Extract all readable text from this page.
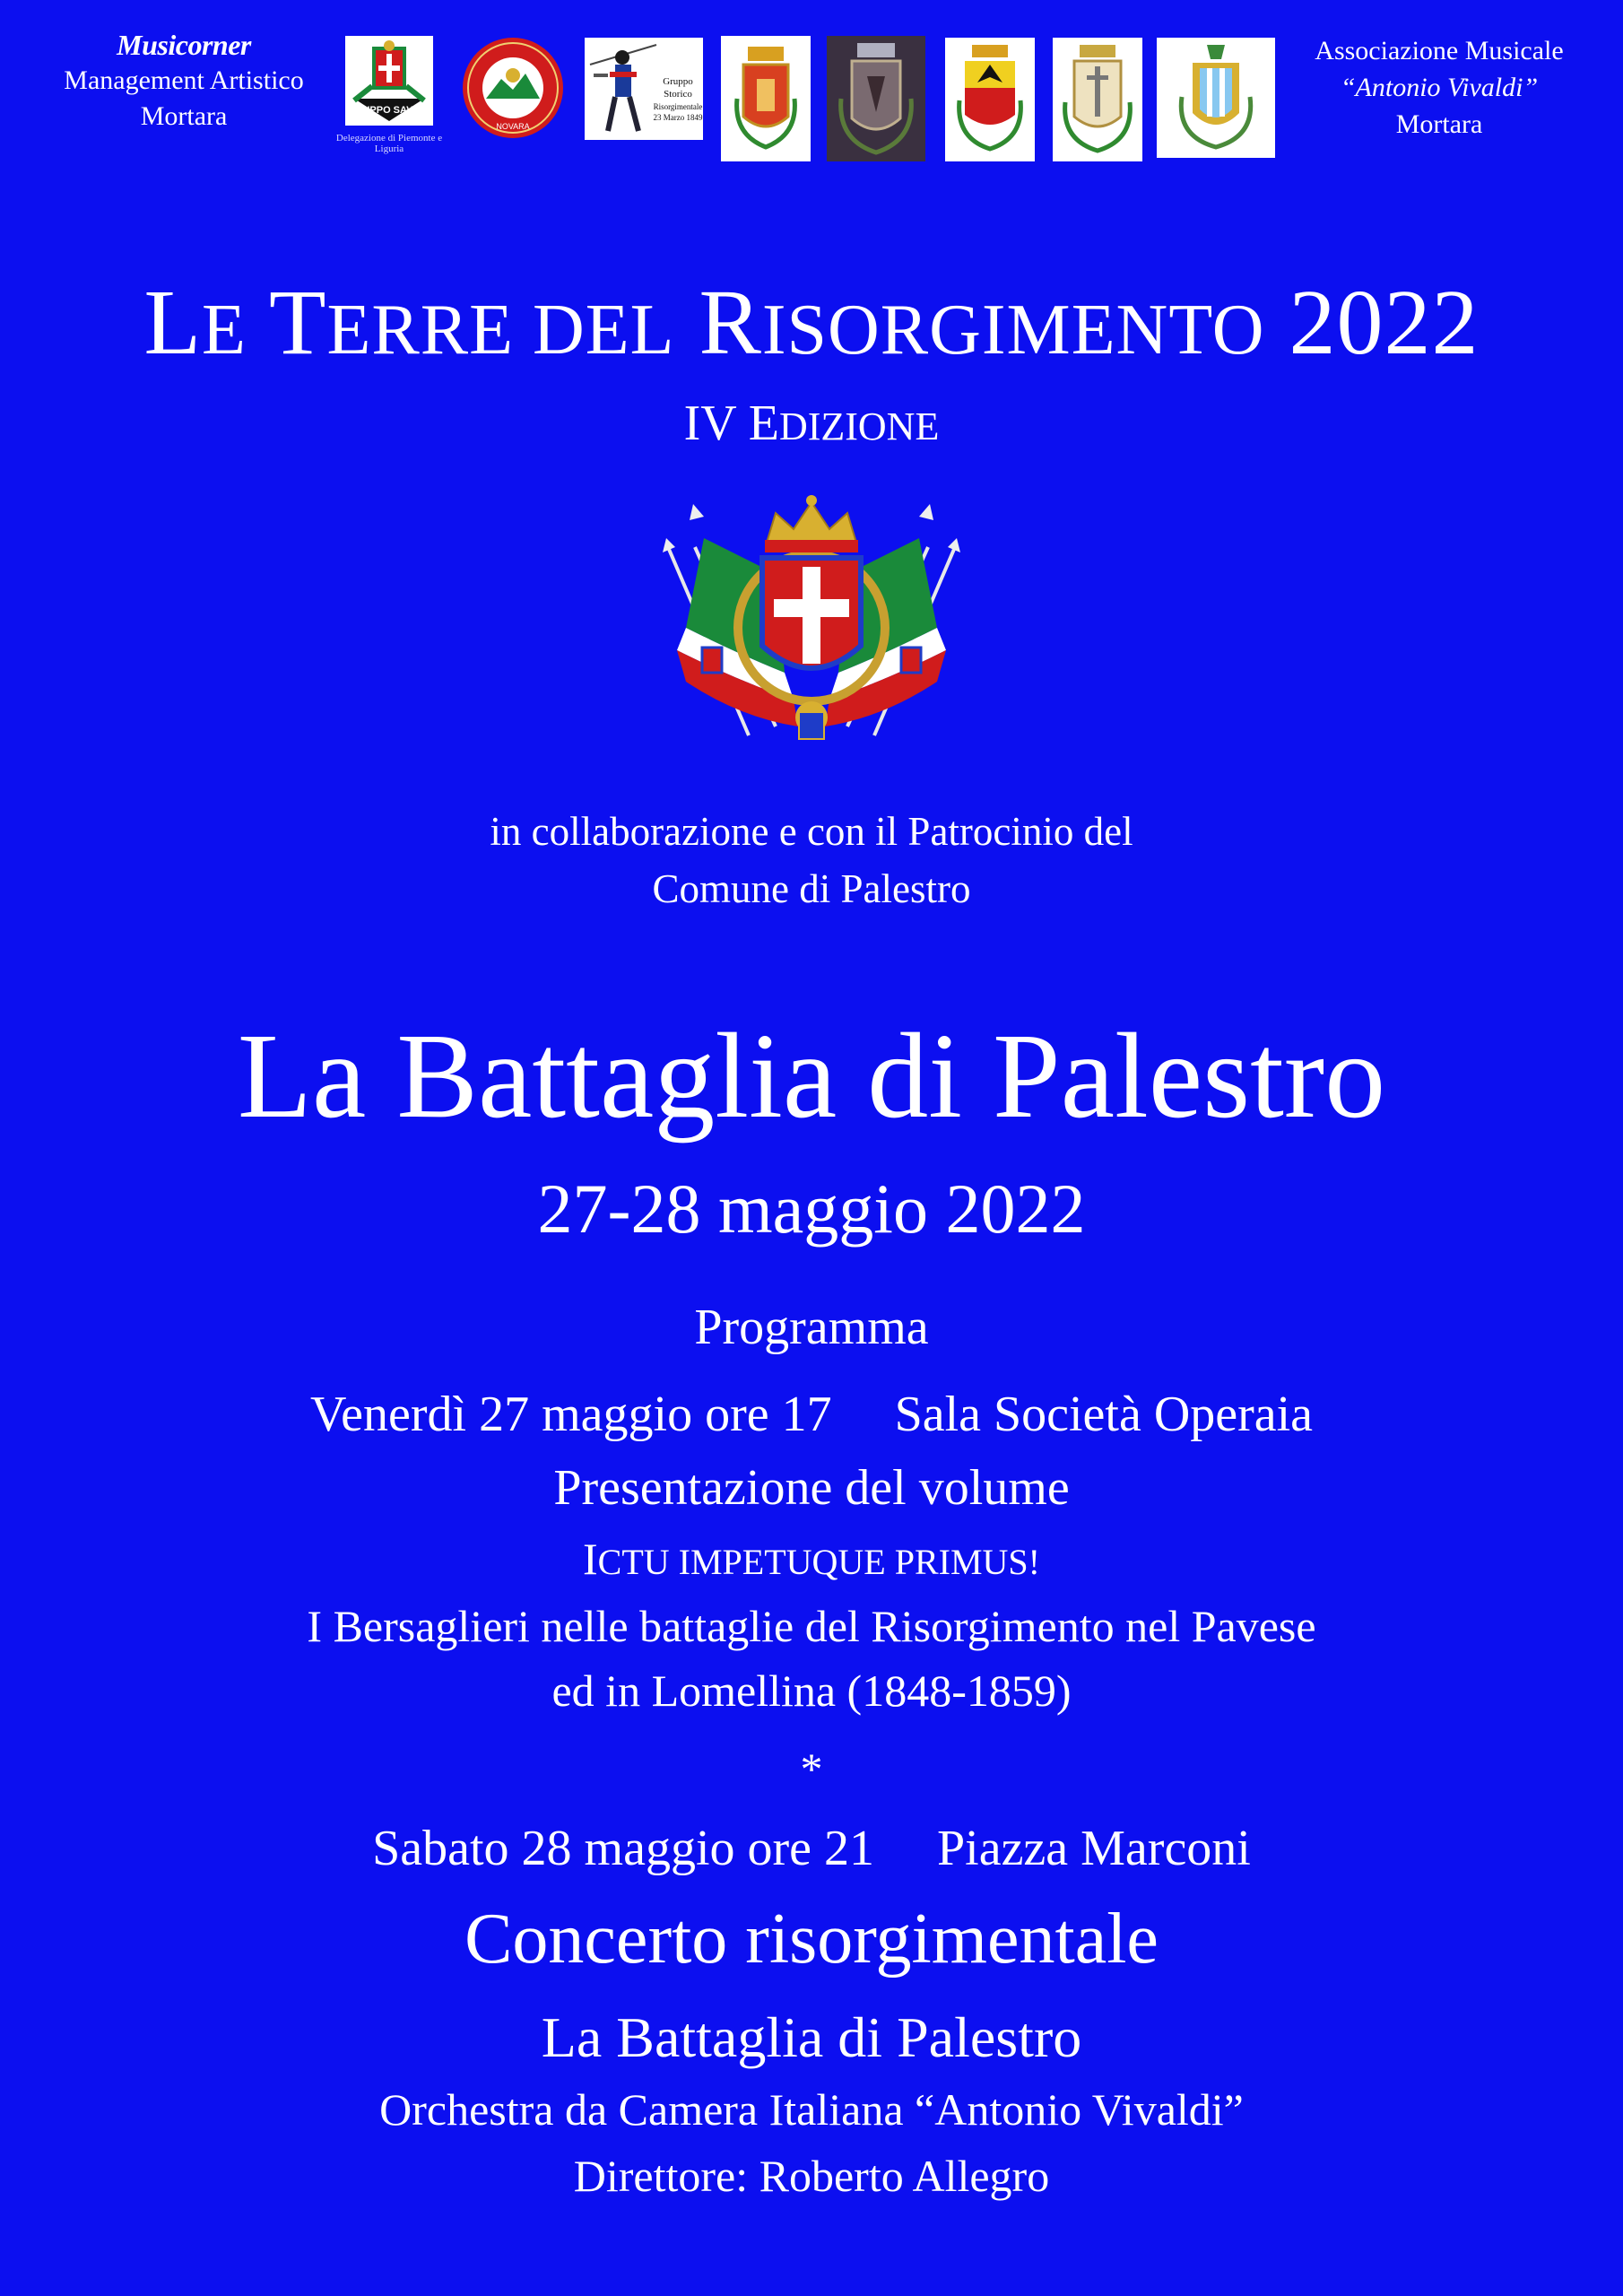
Musicorner
Management Artistico
Mortara	GRUPPO SAVOIA
Delegazione di Piemonte e Liguria
NOVARA
Gruppo
Storico
Risorgimentale
23 Marzo 1849
Associazione Musicale
“Antonio Vivaldi”
Mortara
LE TERRE DEL RISORGIMENTO 2022
IV EDIZIONE
in collaborazione e con il Patrocinio del
Comune di Palestro
La Battaglia di Palestro
27-28 maggio 2022
Programma
Venerdì 27 maggio ore 17 Sala Società Operaia
Presentazione del volume
ICTU IMPETUQUE PRIMUS!
I Bersaglieri nelle battaglie del Risorgimento nel Pavese
ed in Lomellina (1848-1859)
*
Sabato 28 maggio ore 21 Piazza Marconi
Concerto risorgimentale
La Battaglia di Palestro
Orchestra da Camera Italiana “Antonio Vivaldi”
Direttore: Roberto Allegro
